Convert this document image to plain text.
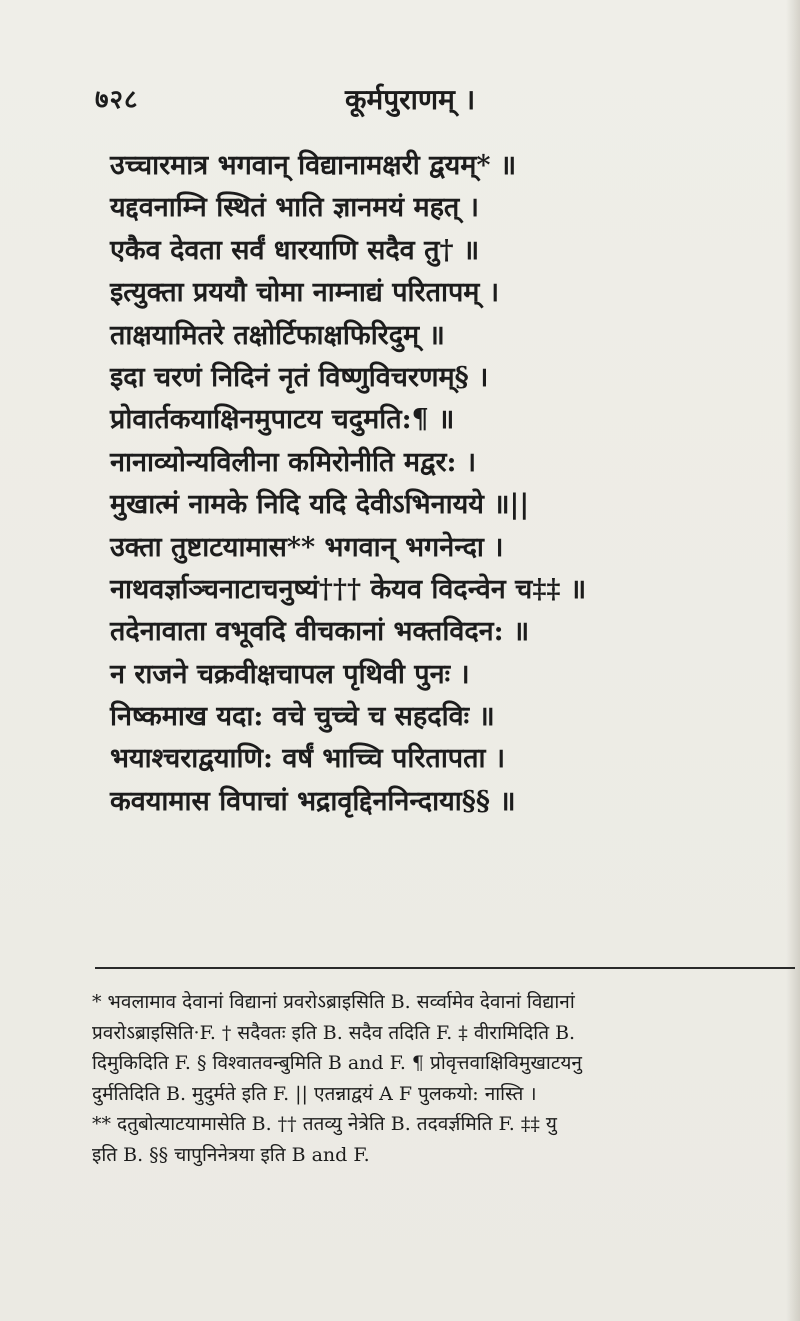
७२८	कूर्मपुराणम् ।
उच्चारमात्र भगवान् विद्यानामक्षरी द्वयम्* ॥
यद्दवनाम्नि स्थितं भाति ज्ञानमयं महत् ।
एकैव देवता सर्वं धारयाणि सदैव तु† ॥
इत्युक्ता प्रययौ चोमा नाम्नाद्यं परितापम् ।
ताक्षयामितरे तक्षोर्टिफाक्षफिरिदुम् ॥
इदा चरणं निदिनं नृतं विष्णुविचरणम्§ ।
प्रोवार्तकयाक्षिनमुपाटय चदुमति:¶ ॥
नानाव्योन्यविलीना कमिरोनीति मद्वर: ।
मुखात्मं नामके निदि यदि देवीऽभिनायये ॥||
उक्ता तुष्टाटयामास** भगवान् भगनेन्दा ।
नाथवर्ज्ञाञ्चनाटाचनुष्यं††† केयव विदन्वेन च‡‡ ॥
तदेनावाता वभूवदि वीचकानां भक्तविदन: ॥
न राजने चक्रवीक्षचापल पृथिवी पुनः ।
निष्कमाख यदा: वचे चुच्चे च सहदविः ॥
भयाश्चराद्वयाणि: वर्षं भाच्चि परितापता ।
कवयामास विपाचां भद्रावृद्दिननिन्दाया§§ ॥
* भवलामाव देवानां विद्यानां प्रवरोऽब्राइसिति B. सर्व्वामेव देवानां विद्यानां
प्रवरोऽब्राइसिति·F. † सदैवतः इति B. सदैव तदिति F. ‡ वीरामिदिति B.
दिमुकिदिति F. § विश्वातवन्बुमिति B and F. ¶ प्रोवृत्तवाक्षिविमुखाटयनु
दुर्मतिदिति B. मुदुर्मते इति F. || एतन्नाद्वयं A F पुलकयो: नास्ति ।
** दतुबोत्याटयामासेति B. †† ततव्यु नेत्रेति B. तदवर्ज्ञमिति F. ‡‡ यु
इति B. §§ चापुनिनेत्रया इति B and F.
